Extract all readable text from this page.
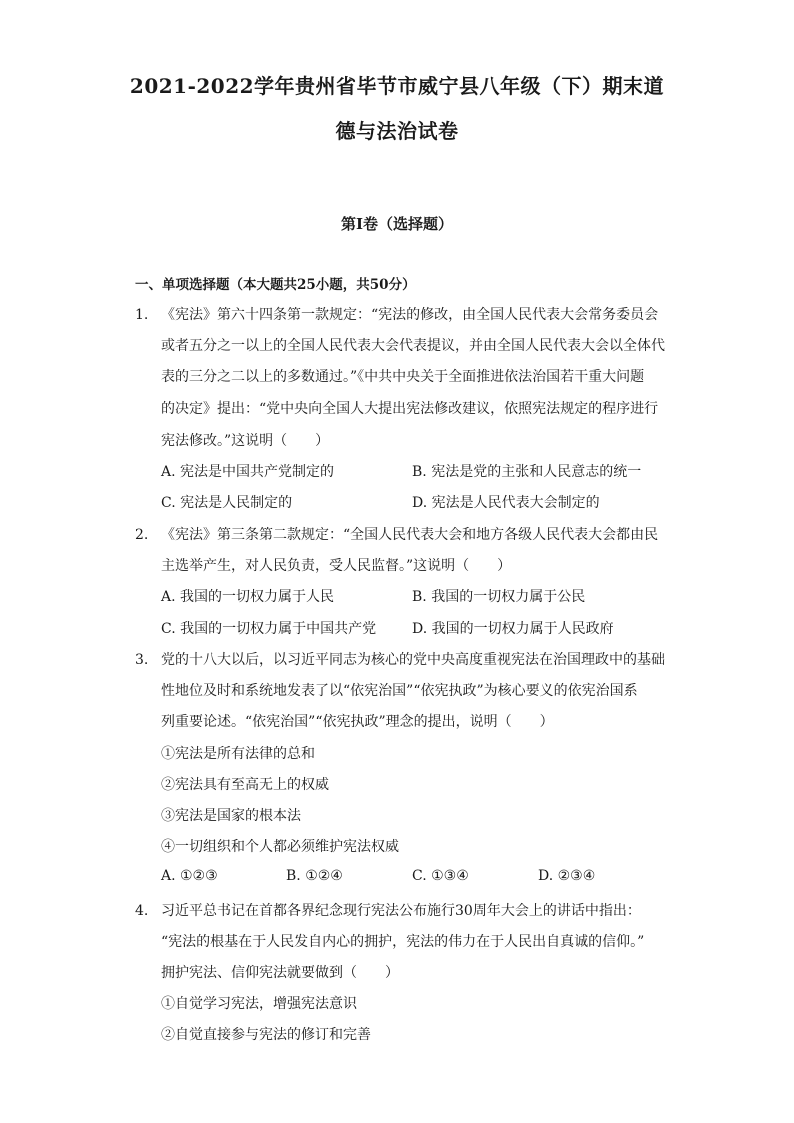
2021-2022学年贵州省毕节市威宁县八年级（下）期末道
德与法治试卷
第Ⅰ卷（选择题）
一、单项选择题（本大题共25小题，共50分）
1. 《宪法》第六十四条第一款规定：“宪法的修改，由全国人民代表大会常务委员会
或者五分之一以上的全国人民代表大会代表提议，并由全国人民代表大会以全体代
表的三分之二以上的多数通过。”《中共中央关于全面推进依法治国若干重大问题
的决定》提出：“党中央向全国人大提出宪法修改建议，依照宪法规定的程序进行
宪法修改。”这说明（　　）
A. 宪法是中国共产党制定的	B. 宪法是党的主张和人民意志的统一
C. 宪法是人民制定的	D. 宪法是人民代表大会制定的
2. 《宪法》第三条第二款规定：“全国人民代表大会和地方各级人民代表大会都由民
主选举产生，对人民负责，受人民监督。”这说明（　　）
A. 我国的一切权力属于人民	B. 我国的一切权力属于公民
C. 我国的一切权力属于中国共产党	D. 我国的一切权力属于人民政府
3. 党的十八大以后，以习近平同志为核心的党中央高度重视宪法在治国理政中的基础
性地位及时和系统地发表了以“依宪治国”“依宪执政”为核心要义的依宪治国系
列重要论述。“依宪治国”“依宪执政”理念的提出，说明（　　）
①宪法是所有法律的总和
②宪法具有至高无上的权威
③宪法是国家的根本法
④一切组织和个人都必须维护宪法权威
A. ①②③	B. ①②④	C. ①③④	D. ②③④
4. 习近平总书记在首都各界纪念现行宪法公布施行30周年大会上的讲话中指出：
“宪法的根基在于人民发自内心的拥护，宪法的伟力在于人民出自真诚的信仰。”
拥护宪法、信仰宪法就要做到（　　）
①自觉学习宪法，增强宪法意识
②自觉直接参与宪法的修订和完善
